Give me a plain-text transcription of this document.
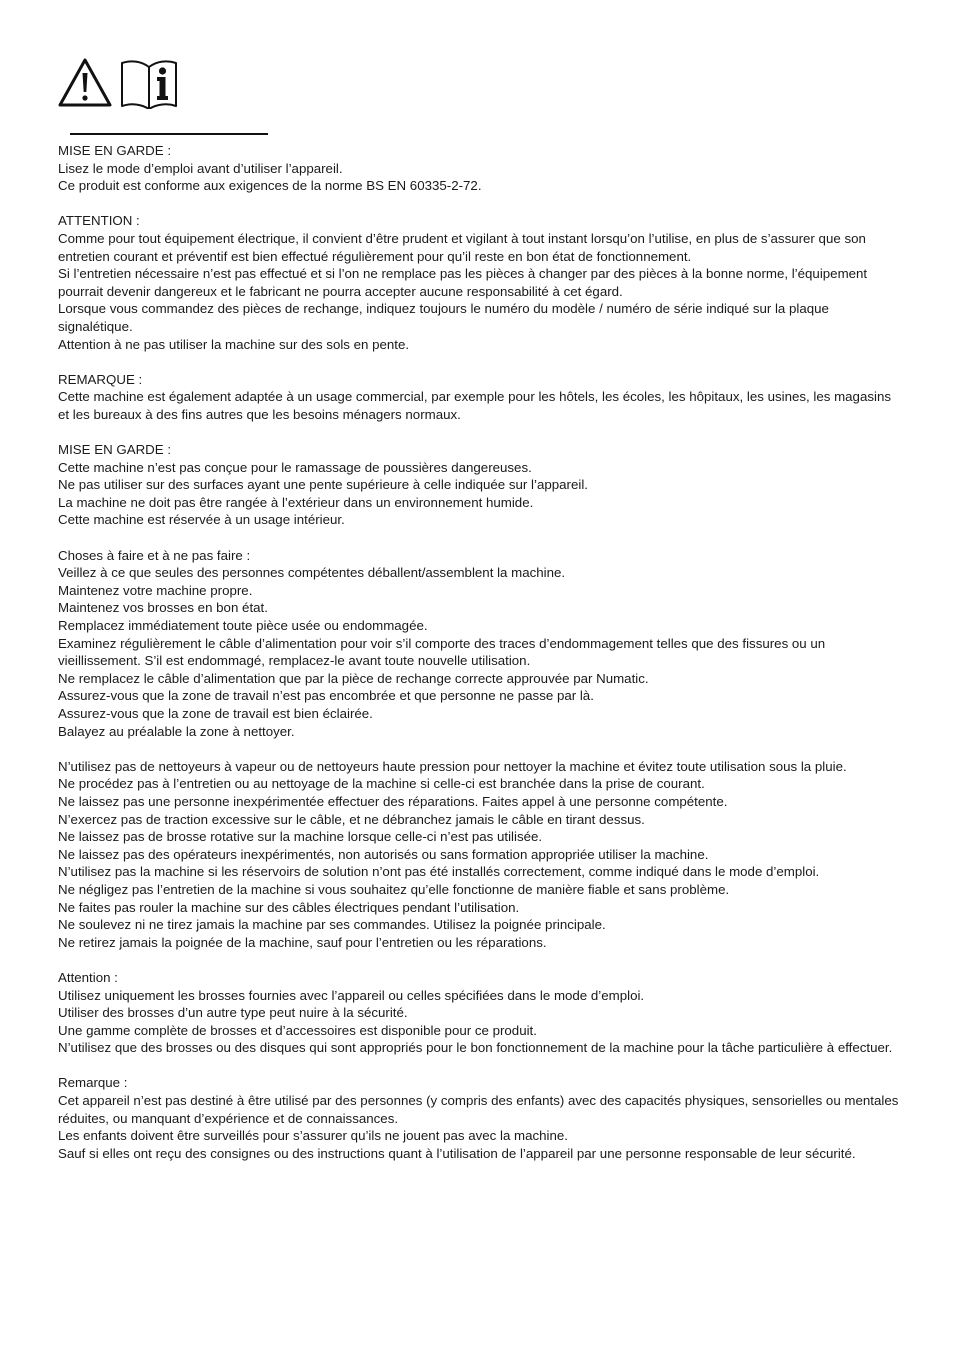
MISE EN GARDE :

Lisez le mode d’emploi avant d’utiliser l’appareil.

Ce produit est conforme aux exigences de la norme BS EN 60335-2-72.

ATTENTION :

Comme pour tout équipement électrique, il convient d’être prudent et vigilant à tout instant lorsqu’on l’utilise, en plus de s’assurer que son entretien courant et préventif est bien effectué régulièrement pour qu’il reste en bon état de fonctionnement.

Si l’entretien nécessaire n’est pas effectué et si l’on ne remplace pas les pièces à changer par des pièces à la bonne norme, l’équipement pourrait devenir dangereux et le fabricant ne pourra accepter aucune responsabilité à cet égard.

Lorsque vous commandez des pièces de rechange, indiquez toujours le numéro du modèle / numéro de série indiqué sur la plaque signalétique.

Attention à ne pas utiliser la machine sur des sols en pente.

REMARQUE :

Cette machine est également adaptée à un usage commercial, par exemple pour les hôtels, les écoles, les hôpitaux, les usines, les magasins et les bureaux à des fins autres que les besoins ménagers normaux.

MISE EN GARDE :

Cette machine n’est pas conçue pour le ramassage de poussières dangereuses.

Ne pas utiliser sur des surfaces ayant une pente supérieure à celle indiquée sur l’appareil.

La machine ne doit pas être rangée à l’extérieur dans un environnement humide.

Cette machine est réservée à un usage intérieur.

Choses à faire et à ne pas faire :

Veillez à ce que seules des personnes compétentes déballent/assemblent la machine.

Maintenez votre machine propre.

Maintenez vos brosses en bon état.

Remplacez immédiatement toute pièce usée ou endommagée.

Examinez régulièrement le câble d’alimentation pour voir s’il comporte des traces d’endommagement telles que des fissures ou un vieillissement. S’il est endommagé, remplacez-le avant toute nouvelle utilisation.

Ne remplacez le câble d’alimentation que par la pièce de rechange correcte approuvée par Numatic.

Assurez-vous que la zone de travail n’est pas encombrée et que personne ne passe par là.

Assurez-vous que la zone de travail est bien éclairée.

Balayez au préalable la zone à nettoyer.

N’utilisez pas de nettoyeurs à vapeur ou de nettoyeurs haute pression pour nettoyer la machine et évitez toute utilisation sous la pluie.

Ne procédez pas à l’entretien ou au nettoyage de la machine si celle-ci est branchée dans la prise de courant.

Ne laissez pas une personne inexpérimentée effectuer des réparations. Faites appel à une personne compétente.

N’exercez pas de traction excessive sur le câble, et ne débranchez jamais le câble en tirant dessus.

Ne laissez pas de brosse rotative sur la machine lorsque celle-ci n’est pas utilisée.

Ne laissez pas des opérateurs inexpérimentés, non autorisés ou sans formation appropriée utiliser la machine.

N’utilisez pas la machine si les réservoirs de solution n’ont pas été installés correctement, comme indiqué dans le mode d’emploi.

Ne négligez pas l’entretien de la machine si vous souhaitez qu’elle fonctionne de manière fiable et sans problème.

Ne faites pas rouler la machine sur des câbles électriques pendant l’utilisation.

Ne soulevez ni ne tirez jamais la machine par ses commandes. Utilisez la poignée principale.

Ne retirez jamais la poignée de la machine, sauf pour l’entretien ou les réparations.

Attention :

Utilisez uniquement les brosses fournies avec l’appareil ou celles spécifiées dans le mode d’emploi.

Utiliser des brosses d’un autre type peut nuire à la sécurité.

Une gamme complète de brosses et d’accessoires est disponible pour ce produit.

N’utilisez que des brosses ou des disques qui sont appropriés pour le bon fonctionnement de la machine pour la tâche particulière à effectuer.

Remarque :

Cet appareil n’est pas destiné à être utilisé par des personnes (y compris des enfants) avec des capacités physiques, sensorielles ou mentales réduites, ou manquant d’expérience et de connaissances.

Les enfants doivent être surveillés pour s’assurer qu’ils ne jouent pas avec la machine.

Sauf si elles ont reçu des consignes ou des instructions quant à l’utilisation de l’appareil par une personne responsable de leur sécurité.
